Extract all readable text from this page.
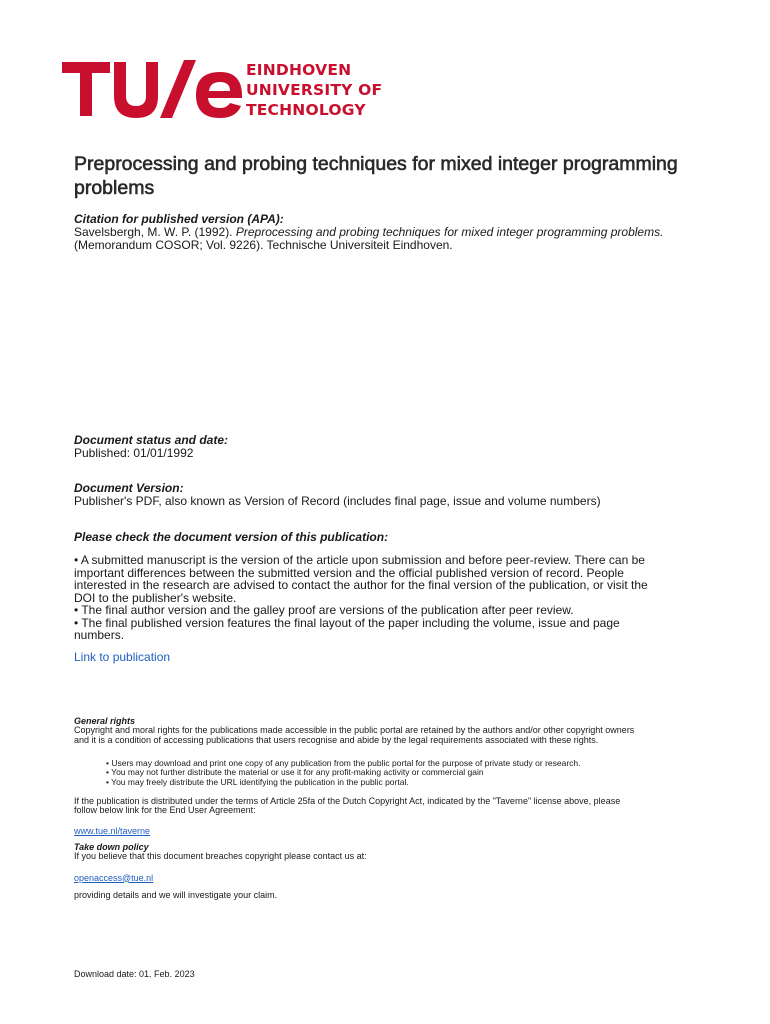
EINDHOVEN
UNIVERSITY OF
TECHNOLOGY
Preprocessing and probing techniques for mixed integer programming problems

Citation for published version (APA):

Savelsbergh, M. W. P. (1992). Preprocessing and probing techniques for mixed integer programming problems.
(Memorandum COSOR; Vol. 9226). Technische Universiteit Eindhoven.

Document status and date:

Published: 01/01/1992

Document Version:

Publisher's PDF, also known as Version of Record (includes final page, issue and volume numbers)

Please check the document version of this publication:

• A submitted manuscript is the version of the article upon submission and before peer-review. There can be

important differences between the submitted version and the official published version of record. People

interested in the research are advised to contact the author for the final version of the publication, or visit the

DOI to the publisher's website.

• The final author version and the galley proof are versions of the publication after peer review.

• The final published version features the final layout of the paper including the volume, issue and page

numbers.

Link to publication

General rights

Copyright and moral rights for the publications made accessible in the public portal are retained by the authors and/or other copyright owners

and it is a condition of accessing publications that users recognise and abide by the legal requirements associated with these rights.

• Users may download and print one copy of any publication from the public portal for the purpose of private study or research.
• You may not further distribute the material or use it for any profit-making activity or commercial gain
• You may freely distribute the URL identifying the publication in the public portal.

If the publication is distributed under the terms of Article 25fa of the Dutch Copyright Act, indicated by the "Taverne" license above, please

follow below link for the End User Agreement:

www.tue.nl/taverne

Take down policy

If you believe that this document breaches copyright please contact us at:

openaccess@tue.nl

providing details and we will investigate your claim.

Download date: 01. Feb. 2023
